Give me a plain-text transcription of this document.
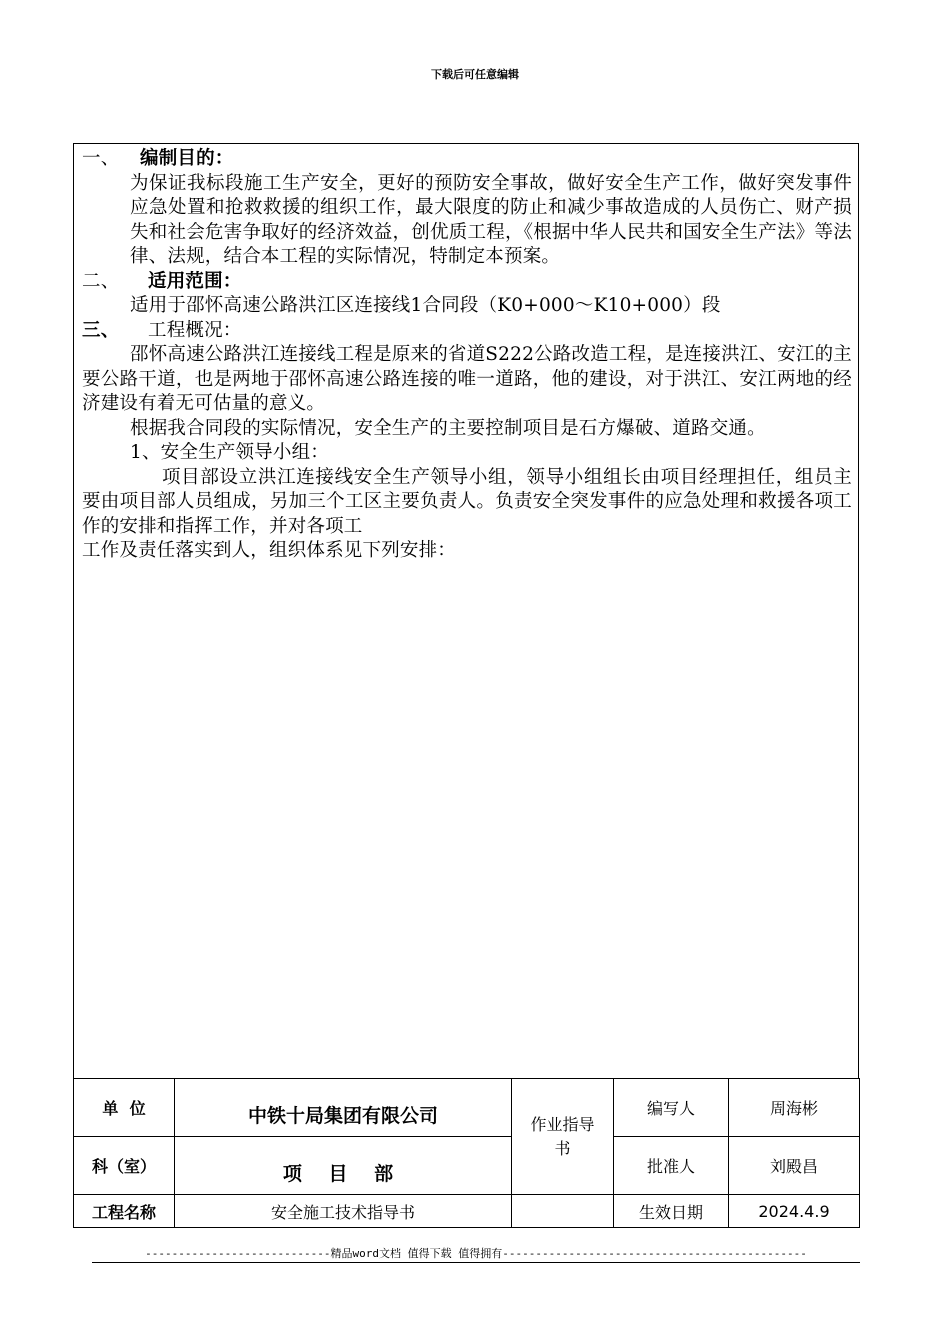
下载后可任意编辑
一、	编制目的：
为保证我标段施工生产安全，更好的预防安全事故，做好安全生产工作，做好突发事件应急处置和抢救救援的组织工作，最大限度的防止和减少事故造成的人员伤亡、财产损失和社会危害争取好的经济效益，创优质工程，《根据中华人民共和国安全生产法》等法律、法规，结合本工程的实际情况，特制定本预案。
二、	适用范围：
适用于邵怀高速公路洪江区连接线1合同段（K0+000～K10+000）段
三、	工程概况：
邵怀高速公路洪江连接线工程是原来的省道S222公路改造工程，是连接洪江、安江的主要公路干道，也是两地于邵怀高速公路连接的唯一道路，他的建设，对于洪江、安江两地的经济建设有着无可估量的意义。
根据我合同段的实际情况，安全生产的主要控制项目是石方爆破、道路交通。
1、安全生产领导小组：
项目部设立洪江连接线安全生产领导小组，领导小组组长由项目经理担任，组员主要由项目部人员组成，另加三个工区主要负责人。负责安全突发事件的应急处理和救援各项工作的安排和指挥工作，并对各项工
工作及责任落实到人，组织体系见下列安排：
单  位	中铁十局集团有限公司	作业指导书	编写人	周海彬
科（室）	项 目 部		批准人	刘殿昌
工程名称	安全施工技术指导书		生效日期	2024.4.9
----------------------------精品word文档 值得下载 值得拥有----------------------------------------------
